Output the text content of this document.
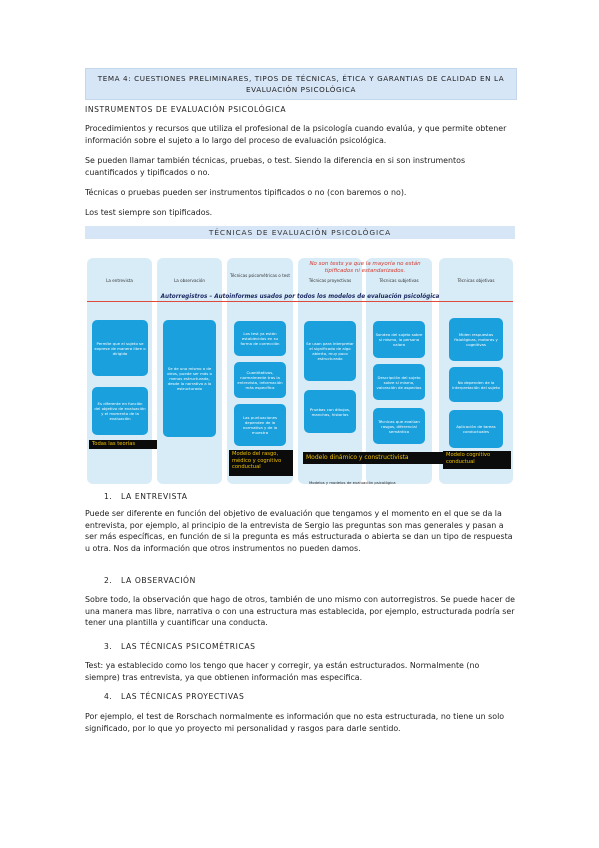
TEMA 4: CUESTIONES PRELIMINARES, TIPOS DE TÉCNICAS, ÉTICA Y GARANTIAS DE CALIDAD EN LA EVALUACIÓN PSICOLÓGICA
INSTRUMENTOS DE EVALUACIÓN PSICOLÓGICA
Procedimientos y recursos que utiliza el profesional de la psicología cuando evalúa, y que permite obtener información sobre el sujeto a lo largo del proceso de evaluación psicológica.
Se pueden llamar también técnicas, pruebas, o test. Siendo la diferencia en si son instrumentos cuantificados y tipificados o no.
Técnicas o pruebas pueden ser instrumentos tipificados o no (con baremos o no).
Los test siempre son tipificados.
TÉCNICAS DE EVALUACIÓN PSICOLÓGICA
La entrevista	La observación
Técnicas psicométricas o test
Técnicas proyectivas	Técnicas subjetivas	Técnicas objetivas
No son tests ya que la mayoría no están tipificados ni estandarizados.
Autorregistros – Autoinformes usados por todos los modelos de evaluación psicológica
Permite que el sujeto se exprese de manera libre o dirigida
Es diferente en función del objetivo de evaluación y el momento de la evaluación
Se de uno mismo o de otros, puede ser más o menos estructurada, desde lo narrativo a lo estructurado
Los test ya están establecidos en su forma de corrección
Cuantitativos, normalmente tras la entrevista, información más específica
Las puntuaciones dependen de la normativa y de la muestra
Se usan para interpretar el significado de algo abierto, muy poco estructurado
Pruebas con dibujos, manchas, historias
Sondeo del sujeto sobre sí mismo, la persona valora
Descripción del sujeto sobre sí mismo, valoración de aspectos
Técnicas que evalúan rasgos, diferencial semántico
Miden respuestas fisiológicas, motoras y cognitivas
No dependen de la interpretación del sujeto
Aplicación de tareas conductuales
Todas las teorías
Modelo del rasgo, médico y cognitivo conductual
Modelo dinámico y constructivista	Modelo cognitivo conductual
Modelos y modelos de evaluación psicológica
1. LA ENTREVISTA
Puede ser diferente en función del objetivo de evaluación que tengamos y el momento en el que se da la entrevista, por ejemplo, al principio de la entrevista de Sergio las preguntas son mas generales y pasan a ser más específicas, en función de si la pregunta es más estructurada o abierta se dan un tipo de respuesta u otra. Nos da información que otros instrumentos no pueden damos.
2. LA OBSERVACIÓN
Sobre todo, la observación que hago de otros, también de uno mismo con autorregistros. Se puede hacer de una manera mas libre, narrativa o con una estructura mas establecida, por ejemplo, estructurada podría ser tener una plantilla y cuantificar una conducta.
3. LAS TÉCNICAS PSICOMÉTRICAS
Test: ya establecido como los tengo que hacer y corregir, ya están estructurados. Normalmente (no siempre) tras entrevista, ya que obtienen información mas especifica.
4. LAS TÉCNICAS PROYECTIVAS
Por ejemplo, el test de Rorschach normalmente es información que no esta estructurada, no tiene un solo significado, por lo que yo proyecto mi personalidad y rasgos para darle sentido.
